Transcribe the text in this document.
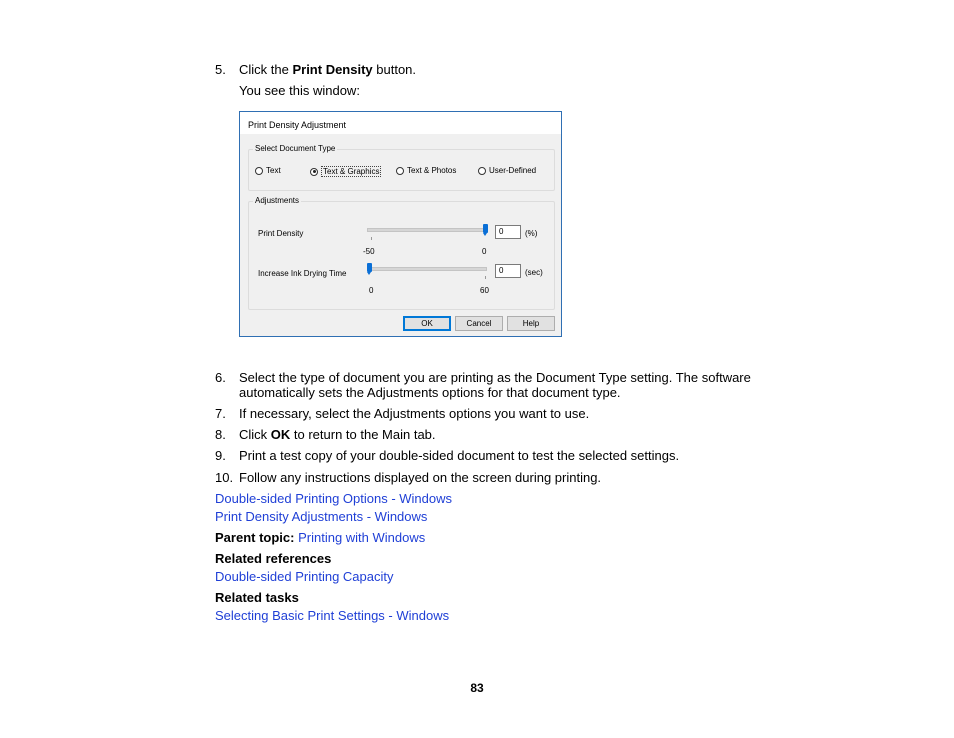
5. Click the Print Density button.
You see this window:
Print Density Adjustment
Select Document Type
Text	Text & Graphics	Text & Photos	User-Defined
Adjustments
Print Density
-50	0
0	(%)
Increase Ink Drying Time
0	60
0	(sec)
OK	Cancel	Help
6. Select the type of document you are printing as the Document Type setting. The software
automatically sets the Adjustments options for that document type.
7. If necessary, select the Adjustments options you want to use.
8. Click OK to return to the Main tab.
9. Print a test copy of your double-sided document to test the selected settings.
10. Follow any instructions displayed on the screen during printing.
Double-sided Printing Options - Windows
Print Density Adjustments - Windows
Parent topic: Printing with Windows
Related references
Double-sided Printing Capacity
Related tasks
Selecting Basic Print Settings - Windows
83
